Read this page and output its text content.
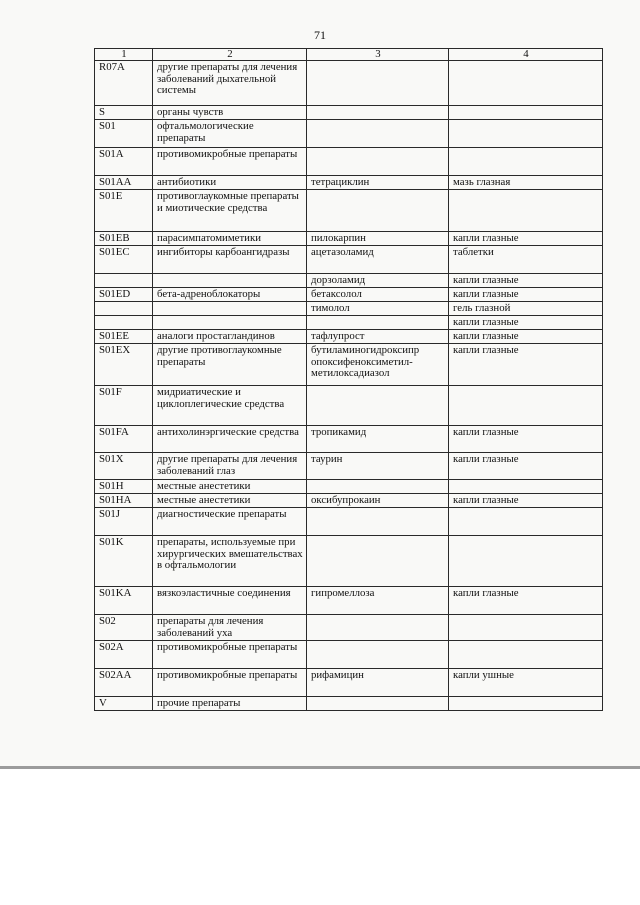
71
1	2	3	4
R07A	другие препараты для лечения заболеваний дыхательной системы		
S	органы чувств		
S01	офтальмологические препараты		
S01A	противомикробные препараты		
S01AA	антибиотики	тетрациклин	мазь глазная
S01E	противоглаукомные препараты и миотические средства		
S01EB	парасимпатомиметики	пилокарпин	капли глазные
S01EC	ингибиторы карбоангидразы	ацетазоламид	таблетки
		дорзоламид	капли глазные
S01ED	бета-адреноблокаторы	бетаксолол	капли глазные
		тимолол	гель глазной
			капли глазные
S01EE	аналоги простагландинов	тафлупрост	капли глазные
S01EX	другие противоглаукомные препараты	бутиламиногидроксипр опоксифеноксиметил-метилоксадиазол	капли глазные
S01F	мидриатические и циклоплегические средства		
S01FA	антихолинэргические средства	тропикамид	капли глазные
S01X	другие препараты для лечения заболеваний глаз	таурин	капли глазные
S01H	местные анестетики		
S01HA	местные анестетики	оксибупрокаин	капли глазные
S01J	диагностические препараты		
S01K	препараты, используемые при хирургических вмешательствах в офтальмологии		
S01KA	вязкоэластичные соединения	гипромеллоза	капли глазные
S02	препараты для лечения заболеваний уха		
S02A	противомикробные препараты		
S02AA	противомикробные препараты	рифамицин	капли ушные
V	прочие препараты		
